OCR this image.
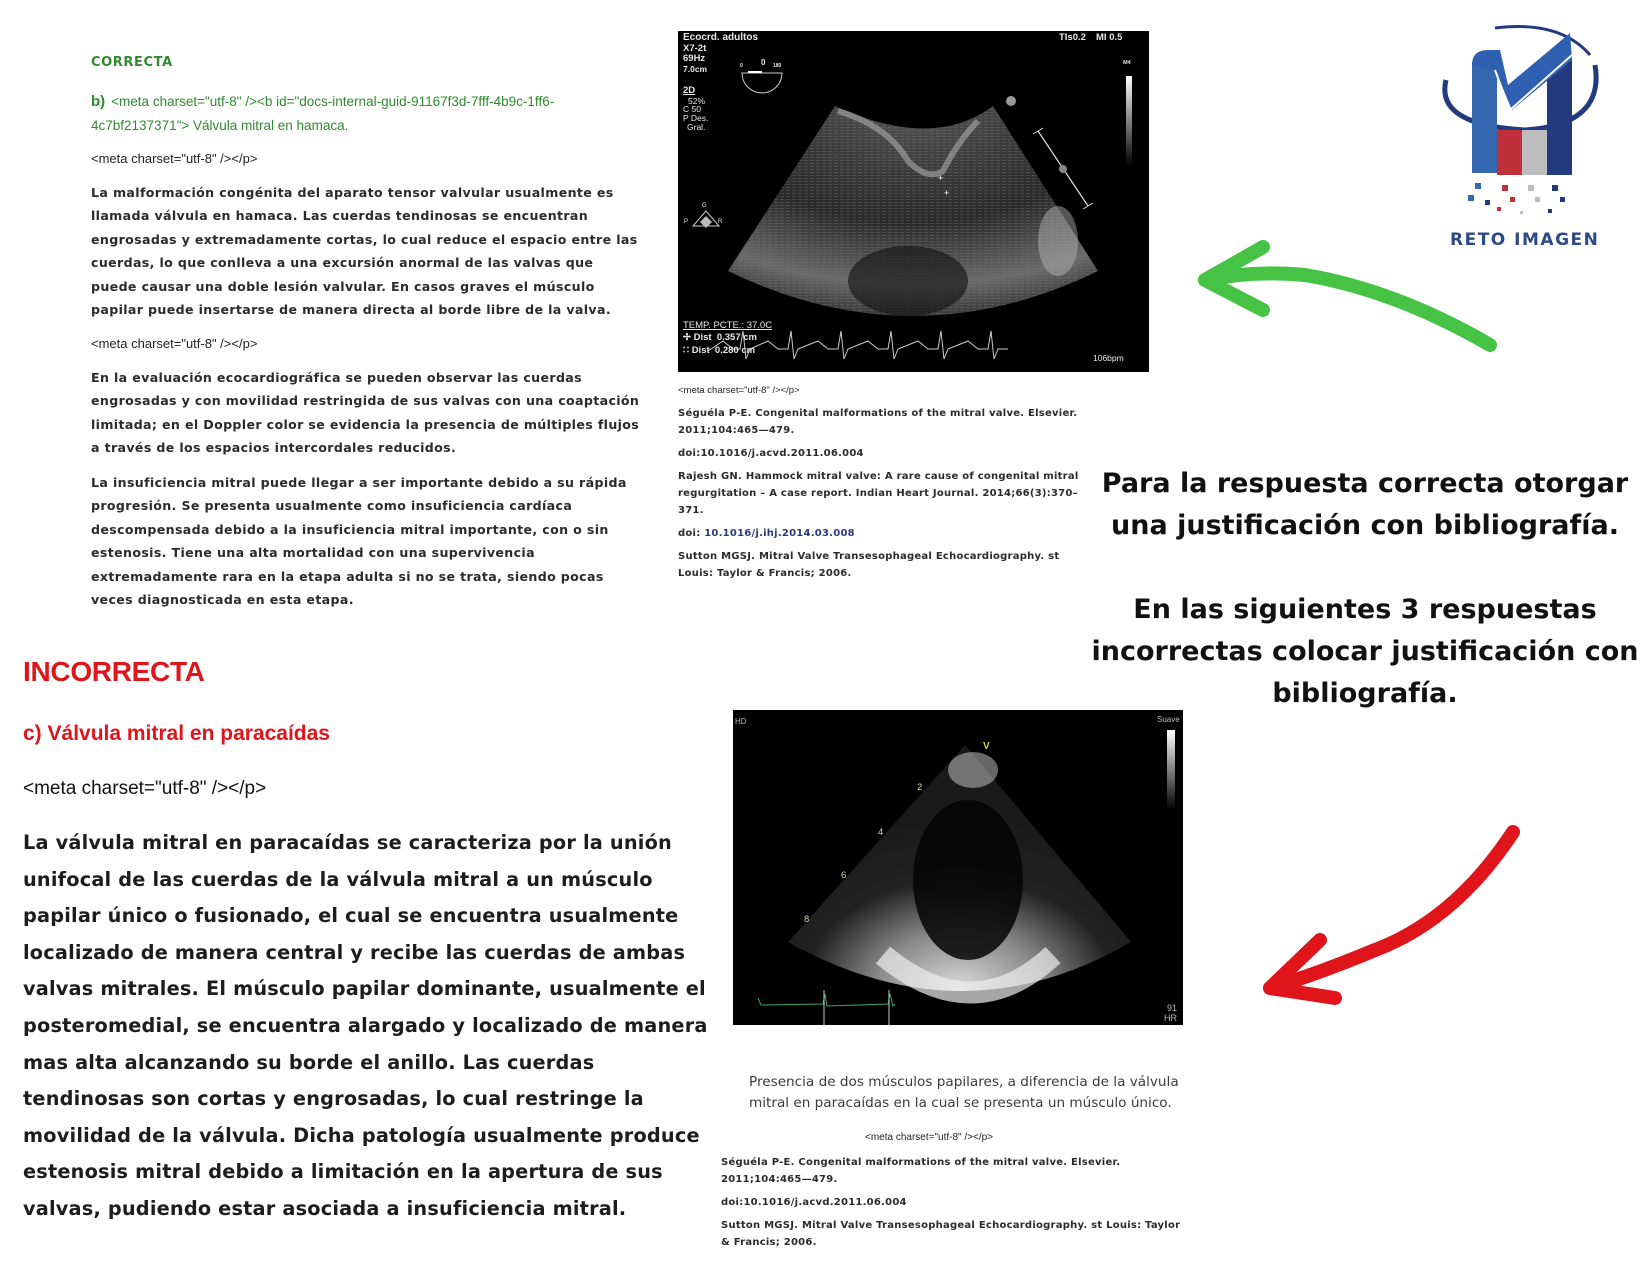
CORRECTA
b) <meta charset="utf-8" /><b id="docs-internal-guid-91167f3d-7fff-4b9c-1ff6-4c7bf2137371"> Válvula mitral en hamaca.
<meta charset="utf-8" /></p>
La malformación congénita del aparato tensor valvular usualmente es llamada válvula en hamaca. Las cuerdas tendinosas se encuentran engrosadas y extremadamente cortas, lo cual reduce el espacio entre las cuerdas, lo que conlleva a una excursión anormal de las valvas que puede causar una doble lesión valvular. En casos graves el músculo papilar puede insertarse de manera directa al borde libre de la valva.
<meta charset="utf-8" /></p>
En la evaluación ecocardiográfica se pueden observar las cuerdas engrosadas y con movilidad restringida de sus valvas con una coaptación limitada; en el Doppler color se evidencia la presencia de múltiples flujos a través de los espacios intercordales reducidos.
La insuficiencia mitral puede llegar a ser importante debido a su rápida progresión. Se presenta usualmente como insuficiencia cardíaca descompensada debido a la insuficiencia mitral importante, con o sin estenosis. Tiene una alta mortalidad con una supervivencia extremadamente rara en la etapa adulta si no se trata, siendo pocas veces diagnosticada en esta etapa.
+
+
Ecocrd. adultos
X7-2t
69Hz
7.0cm	0 0 180
2D
52%
C 50
P Des.
Gral.
TIs0.2 MI 0.5
M4
G
P	R
TEMP. PCTE.: 37.0C
✢ Dist  0.357 cm
∷ Dist  0.280 cm
106bpm

<meta charset="utf-8" /></p>

Séguéla P-E. Congenital malformations of the mitral valve. Elsevier. 2011;104:465—479.

doi:10.1016/j.acvd.2011.06.004

Rajesh GN. Hammock mitral valve: A rare cause of congenital mitral regurgitation – A case report. Indian Heart Journal. 2014;66(3):370–371.

doi: 10.1016/j.ihj.2014.03.008

Sutton MGSJ. Mitral Valve Transesophageal Echocardiography. st Louis: Taylor & Francis; 2006.

RETO IMAGEN

Para la respuesta correcta otorgar una justificación con bibliografía.

En las siguientes 3 respuestas incorrectas colocar justificación con bibliografía.

INCORRECTA
c) Válvula mitral en paracaídas
<meta charset="utf-8" /></p>
La válvula mitral en paracaídas se caracteriza por la unión unifocal de las cuerdas de la válvula mitral a un músculo papilar único o fusionado, el cual se encuentra usualmente localizado de manera central y recibe las cuerdas de ambas valvas mitrales. El músculo papilar dominante, usualmente el posteromedial, se encuentra alargado y localizado de manera mas alta alcanzando su borde el anillo. Las cuerdas tendinosas son cortas y engrosadas, lo cual restringe la movilidad de la válvula. Dicha patología usualmente produce estenosis mitral debido a limitación en la apertura de sus valvas, pudiendo estar asociada a insuficiencia mitral.
HD	Suave
V
2
4
6
8
91
HR
Presencia de dos músculos papilares, a diferencia de la válvula mitral en paracaídas en la cual se presenta un músculo único.
<meta charset="utf-8" /></p>

Séguéla P-E. Congenital malformations of the mitral valve. Elsevier. 2011;104:465—479.

doi:10.1016/j.acvd.2011.06.004

Sutton MGSJ. Mitral Valve Transesophageal Echocardiography. st Louis: Taylor & Francis; 2006.
